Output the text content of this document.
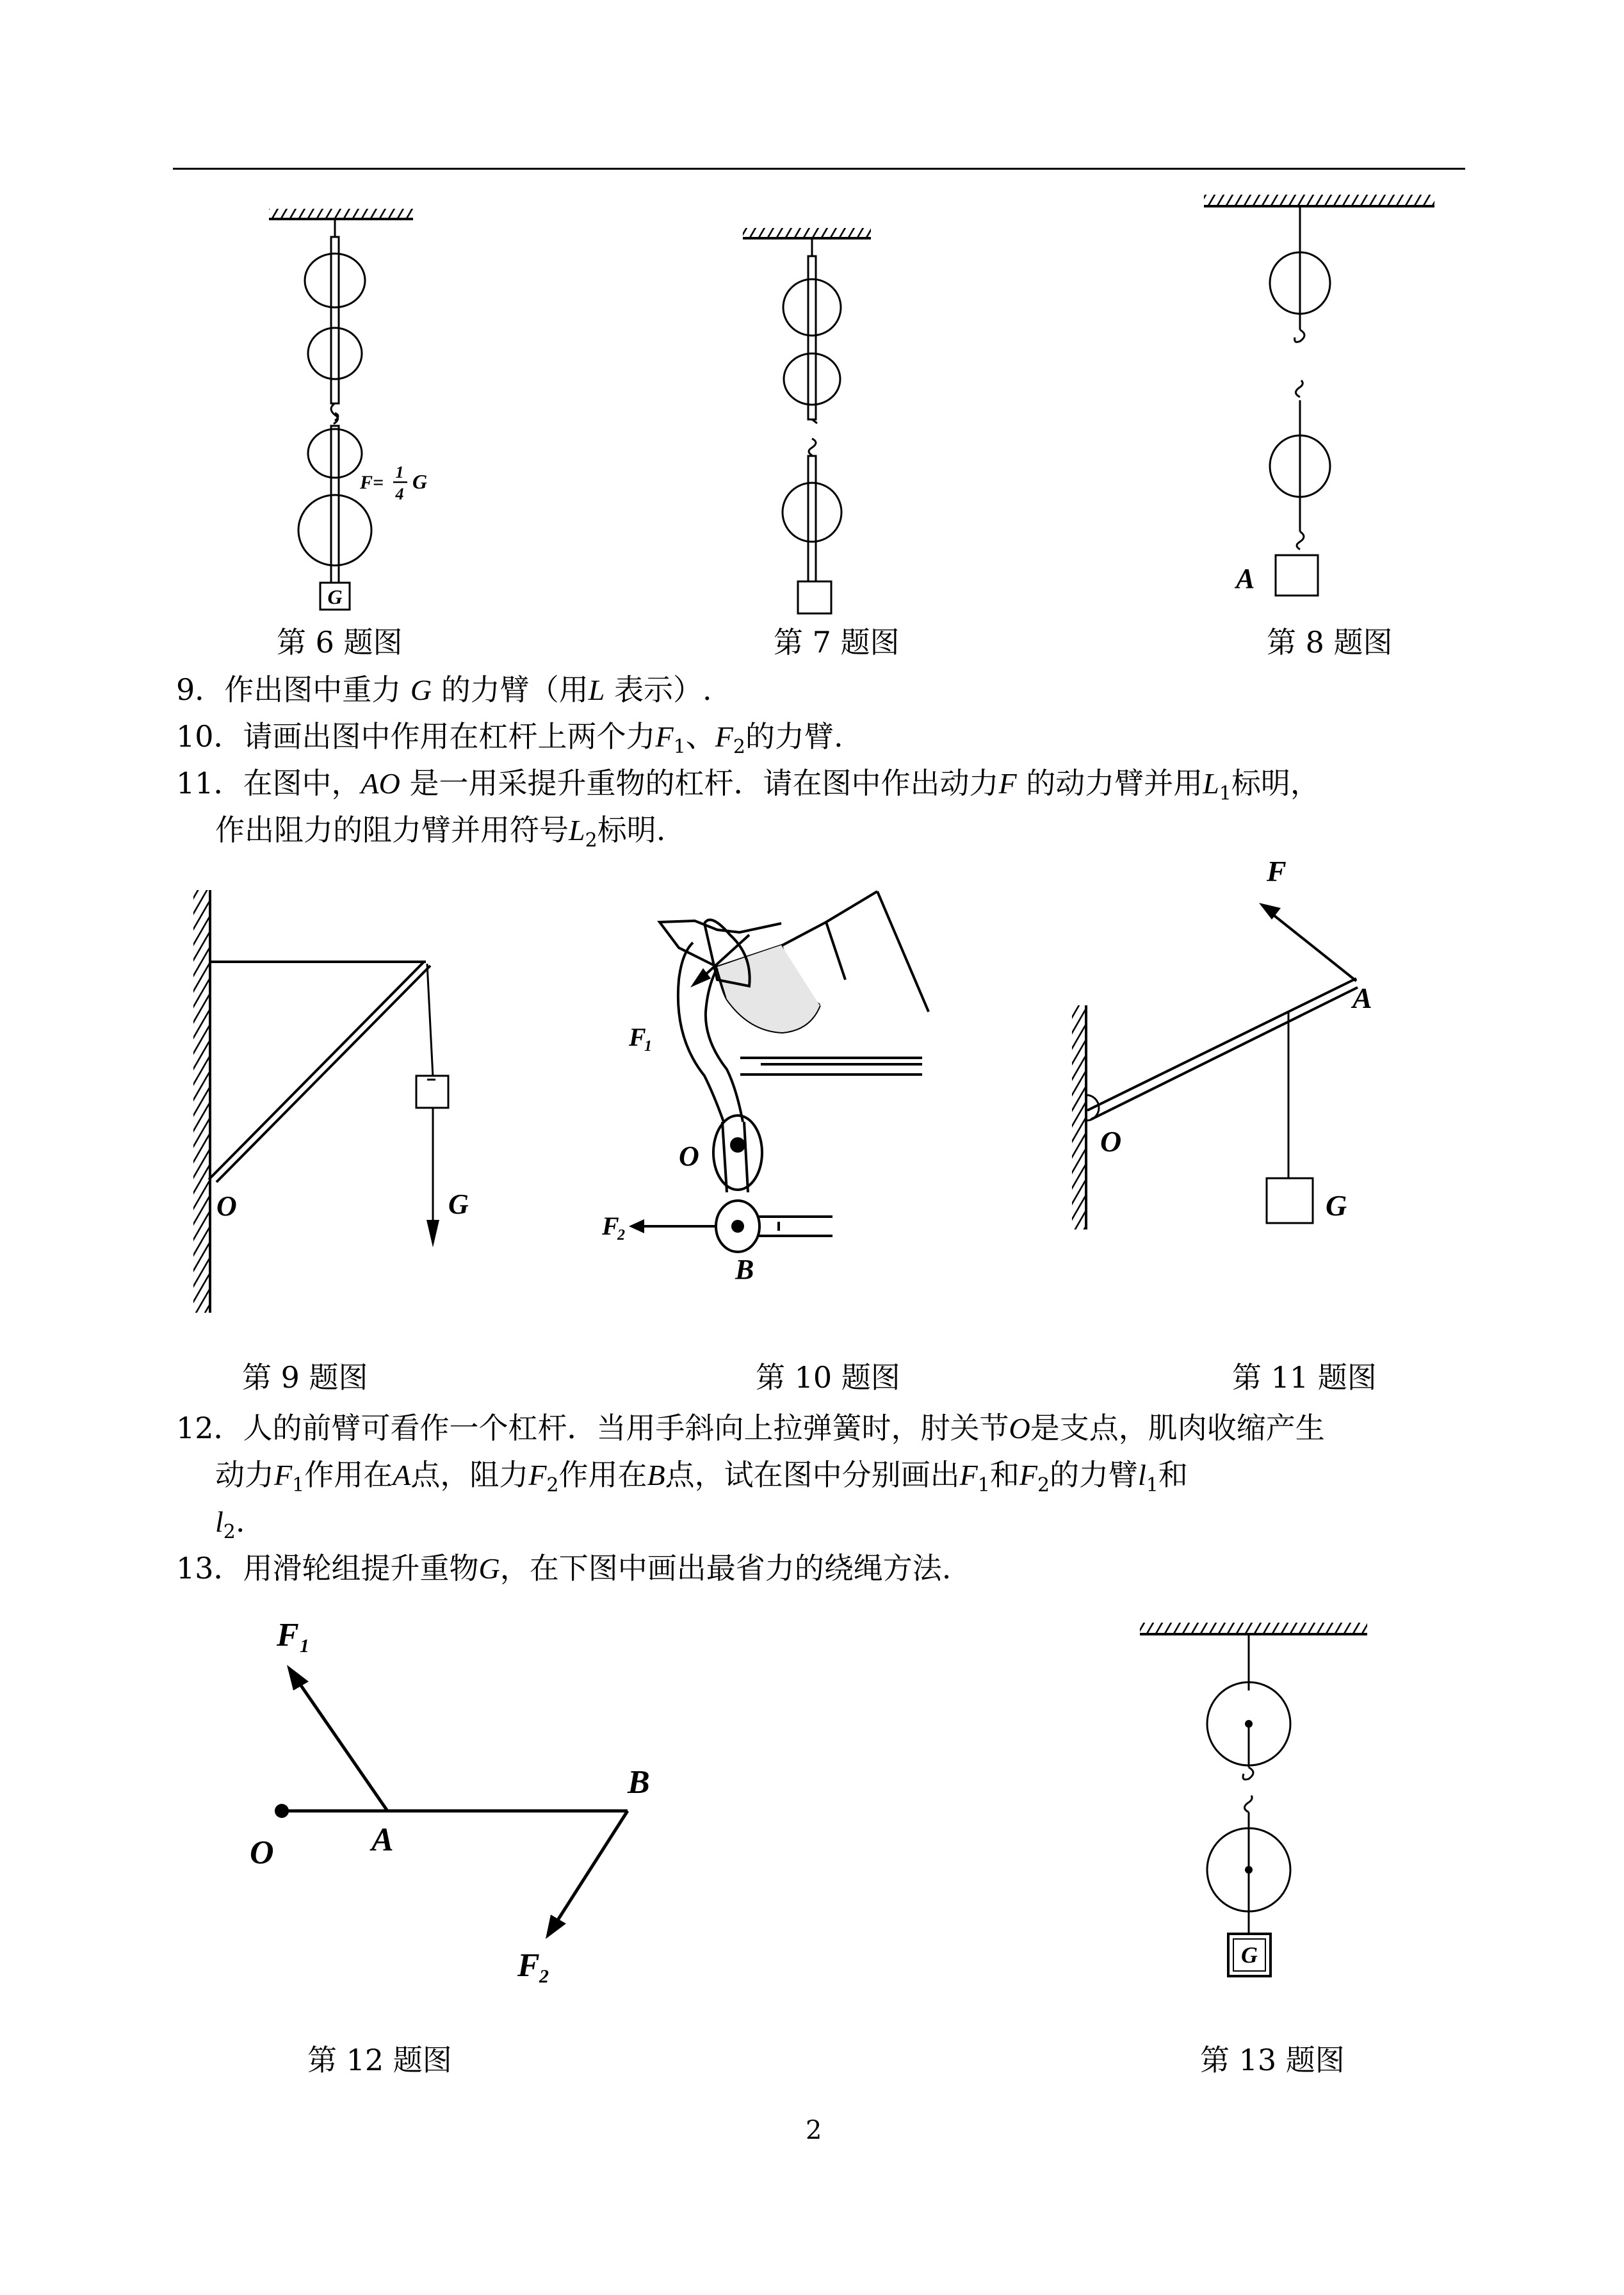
G
F= 1
4
G
第 6 题图	第 7 题图
A
第 8 题图
9．作出图中重力 G 的力臂（用L 表示）.
10．请画出图中作用在杠杆上两个力$F_1$、$F_2$的力臂.
11．在图中，AO 是一用采提升重物的杠杆．请在图中作出动力F 的动力臂并用$L_1$标明，
作出阻力的阻力臂并用符号$L_2$标明.
O	G
第 9 题图
F
1
O
F
2
B
第 10 题图
F
A
O
G
第 11 题图
12．人的前臂可看作一个杠杆．当用手斜向上拉弹簧时，肘关节O是支点，肌肉收缩产生
动力$F_1$作用在A点，阻力$F_2$作用在B点，试在图中分别画出$F_1$和$F_2$的力臂$l_1$和
$l_2$.
13．用滑轮组提升重物G，在下图中画出最省力的绕绳方法.
F 1
B
O	A
F 2
第 12 题图
G
第 13 题图
2
